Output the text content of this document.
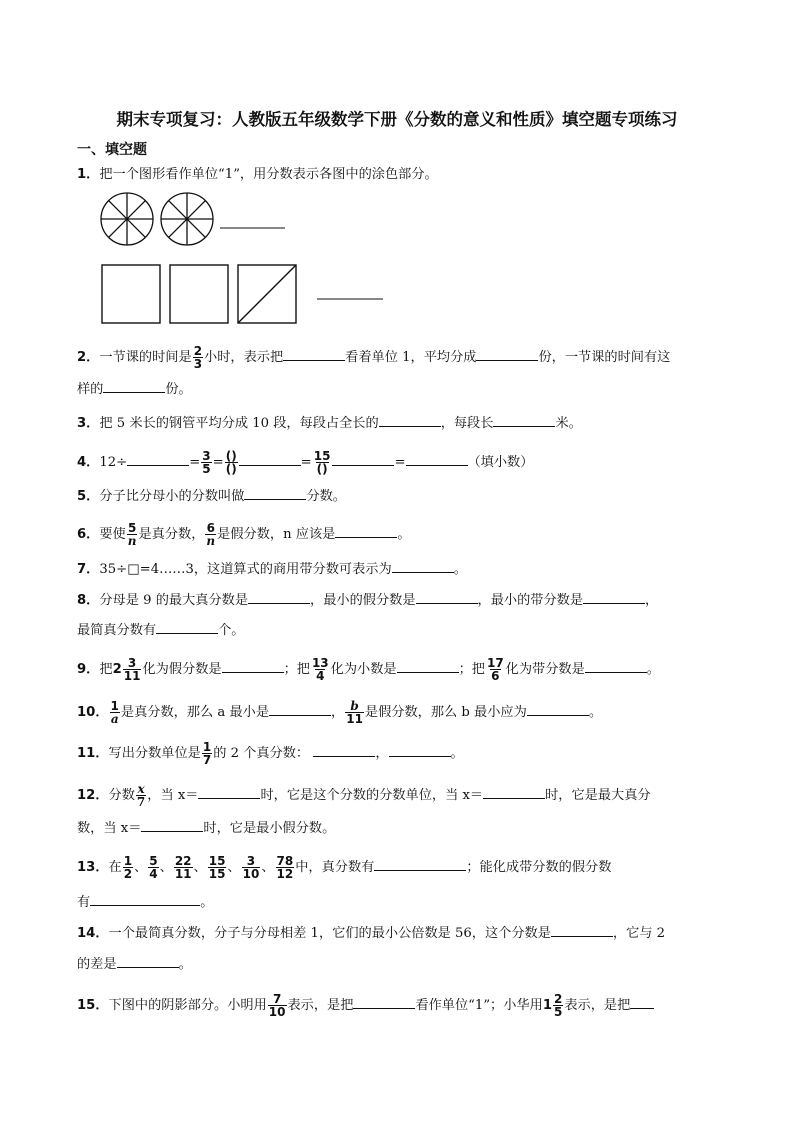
期末专项复习：人教版五年级数学下册《分数的意义和性质》填空题专项练习
一、填空题
1．把一个图形看作单位“1”，用分数表示各图中的涂色部分。
2．一节课的时间是 $\frac{2}{3}$ 小时，表示把	看着单位 1，平均分成	份，一节课的时间有这
样的	份。
3．把 5 米长的钢管平均分成 10 段，每段占全长的	，每段长	米。
4．12÷	= $\frac{3}{5} = \frac{()}{()}$	= $\frac{15}{()}$	=	（填小数）
5．分子比分母小的分数叫做	分数。
6．要使 $\frac{5}{n}$ 是真分数， $\frac{6}{n}$ 是假分数，n 应该是	。
7．35÷□=4……3，这道算式的商用带分数可表示为	。
8．分母是 9 的最大真分数是	，最小的假分数是	，最小的带分数是	，
最简真分数有	个。
9．把$2 \frac{3}{11}$ 化为假分数是	；把 $\frac{13}{4}$ 化为小数是	；把 $\frac{17}{6}$ 化为带分数是	。
10． $\frac{1}{a}$ 是真分数，那么 a 最小是	， $\frac{b}{11}$ 是假分数，那么 b 最小应为	。
11．写出分数单位是 $\frac{1}{7}$ 的 2 个真分数：	，	。
12．分数 $\frac{x}{7}$ ，当 x＝	时，它是这个分数的分数单位，当 x＝	时，它是最大真分
数，当 x＝	时，它是最小假分数。
13．在 $\frac{1}{2}$ 、 $\frac{5}{4}$ 、 $\frac{22}{11}$ 、 $\frac{15}{15}$ 、 $\frac{3}{10}$ 、 $\frac{78}{12}$ 中，真分数有	；能化成带分数的假分数
有	。
14．一个最简真分数，分子与分母相差 1，它们的最小公倍数是 56，这个分数是	，它与 2
的差是	。
15．下图中的阴影部分。小明用 $\frac{7}{10}$ 表示，是把	看作单位“1”；小华用$1 \frac{2}{5}$ 表示，是把
